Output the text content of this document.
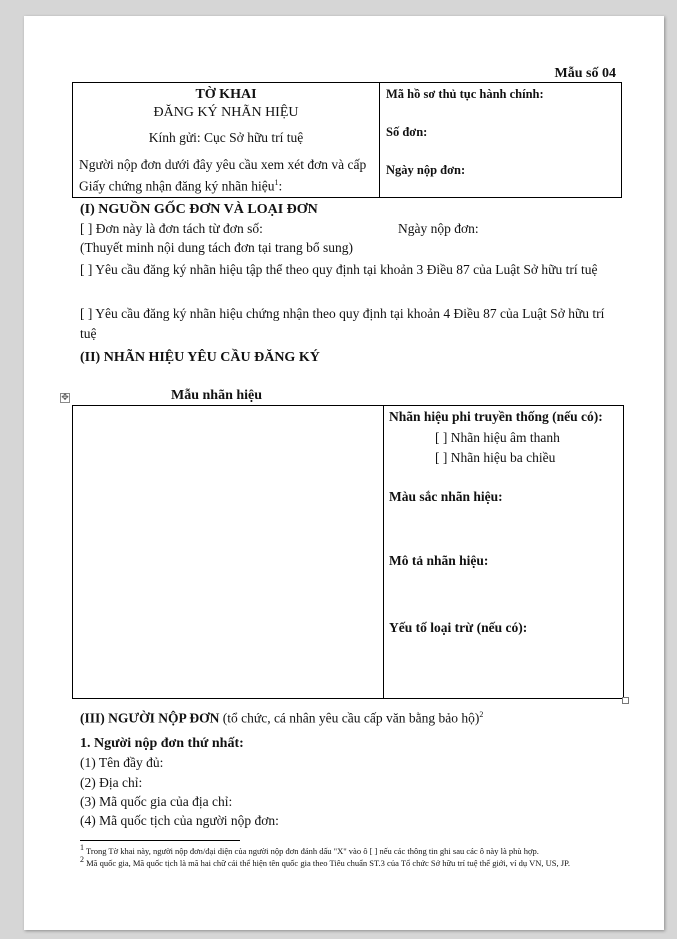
Mẫu số 04
TỜ KHAI
ĐĂNG KÝ NHÃN HIỆU
Kính gửi: Cục Sở hữu trí tuệ
Người nộp đơn dưới đây yêu cầu xem xét đơn và cấp
Giấy chứng nhận đăng ký nhãn hiệu$^1$:
Mã hồ sơ thủ tục hành chính:
Số đơn:
Ngày nộp đơn:
(I) NGUỒN GỐC ĐƠN VÀ LOẠI ĐƠN
[ ] Đơn này là đơn tách từ đơn số:	Ngày nộp đơn:
(Thuyết minh nội dung tách đơn tại trang bổ sung)
[ ] Yêu cầu đăng ký nhãn hiệu tập thể theo quy định tại khoản 3 Điều 87 của Luật Sở hữu trí tuệ
[ ] Yêu cầu đăng ký nhãn hiệu chứng nhận theo quy định tại khoản 4 Điều 87 của Luật Sở hữu trí tuệ
(II) NHÃN HIỆU YÊU CẦU ĐĂNG KÝ
✥	Mẫu nhãn hiệu
Nhãn hiệu phi truyền thống (nếu có):
[ ] Nhãn hiệu âm thanh
[ ] Nhãn hiệu ba chiều
Màu sắc nhãn hiệu:
Mô tả nhãn hiệu:
Yếu tố loại trừ (nếu có):
(III) NGƯỜI NỘP ĐƠN (tổ chức, cá nhân yêu cầu cấp văn bằng bảo hộ)$^2$
1. Người nộp đơn thứ nhất:
(1) Tên đầy đủ:
(2) Địa chỉ:
(3) Mã quốc gia của địa chỉ:
(4) Mã quốc tịch của người nộp đơn:
$^1$ Trong Tờ khai này, người nộp đơn/đại diện của người nộp đơn đánh dấu "X" vào ô [ ] nếu các thông tin ghi sau các ô này là phù hợp.
$^2$ Mã quốc gia, Mã quốc tịch là mã hai chữ cái thể hiện tên quốc gia theo Tiêu chuẩn ST.3 của Tổ chức Sở hữu trí tuệ thế giới, ví dụ VN, US, JP.
